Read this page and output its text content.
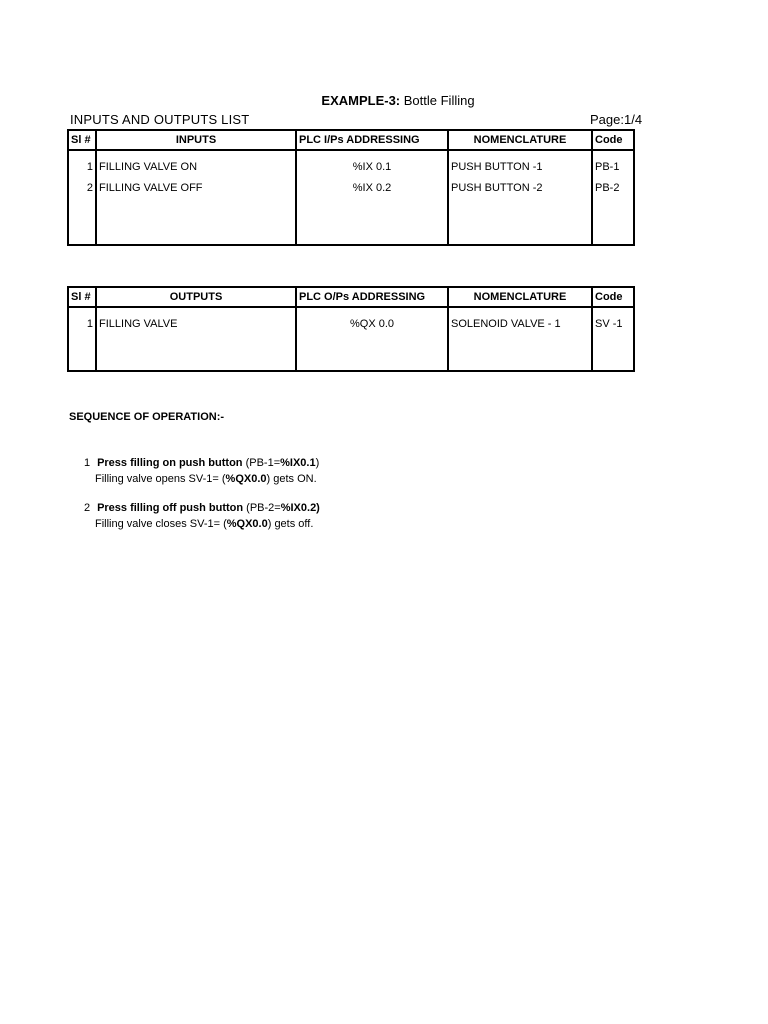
EXAMPLE-3: Bottle Filling
INPUTS AND OUTPUTS LIST	Page:1/4
Sl #	INPUTS	PLC I/Ps ADDRESSING	NOMENCLATURE	Code
1	FILLING VALVE ON	%IX 0.1	PUSH BUTTON -1	PB-1
2	FILLING VALVE OFF	%IX 0.2	PUSH BUTTON -2	PB-2

Sl #	OUTPUTS	PLC O/Ps ADDRESSING	NOMENCLATURE	Code
1	FILLING VALVE	%QX 0.0	SOLENOID VALVE - 1	SV -1

SEQUENCE OF OPERATION:-
1 Press filling on push button (PB-1=%IX0.1)
Filling valve opens SV-1= (%QX0.0) gets ON.
2 Press filling off push button (PB-2=%IX0.2)
Filling valve closes SV-1= (%QX0.0) gets off.
